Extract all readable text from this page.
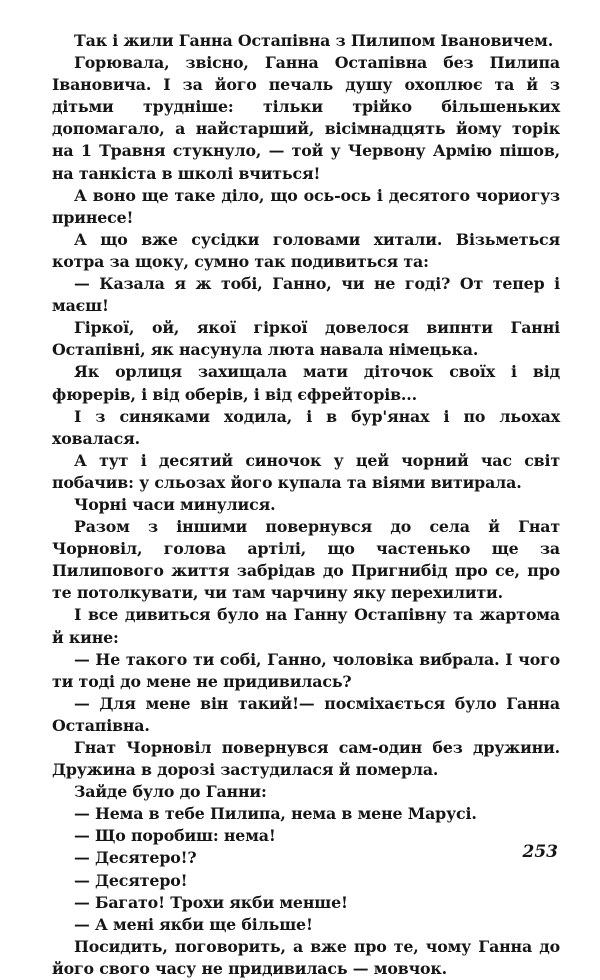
Так і жили Ганна Остапівна з Пилипом Івановичем.

Горювала, звісно, Ганна Остапівна без Пилипа Івановича. І за його печаль душу охоплює та й з дітьми трудніше: тільки трійко більшеньких допомагало, а найстарший, вісімнадцять йому торік на 1 Травня стукнуло, — той у Червону Армію пішов, на танкіста в школі вчиться!

А воно ще таке діло, що ось-ось і десятого чориогуз принесе!

А що вже сусідки головами хитали. Візьметься котра за щоку, сумно так подивиться та:

— Казала я ж тобі, Ганно, чи не годі? От тепер і маєш!

Гіркої, ой, якої гіркої довелося випнти Ганні Остапівні, як насунула люта навала німецька.

Як орлиця захищала мати діточок своїх і від фюрерів, і від оберів, і від єфрейторів...

І з синяками ходила, і в бур'янах і по льохах ховалася.

А тут і десятий синочок у цей чорний час світ побачив: у сльозах його купала та віями витирала.

Чорні часи минулися.

Разом з іншими повернувся до села й Гнат Чорновіл, голова артілі, що частенько ще за Пилипового життя забрідав до Пригнибід про се, про те потолкувати, чи там чарчину яку перехилити.

І все дивиться було на Ганну Остапівну та жартома й кине:

— Не такого ти собі, Ганно, чоловіка вибрала. І чого ти тоді до мене не придивилась?

— Для мене він такий!— посміхається було Ганна Остапівна.

Гнат Чорновіл повернувся сам-один без дружини. Дружина в дорозі застудилася й померла.

Зайде було до Ганни:

— Нема в тебе Пилипа, нема в мене Марусі.

— Що поробиш: нема!

— Десятеро!?

— Десятеро!

— Багато! Трохи якби менше!

— А мені якби ще більше!

Посидить, поговорить, а вже про те, чому Ганна до його свого часу не придивилась — мовчок.

253
